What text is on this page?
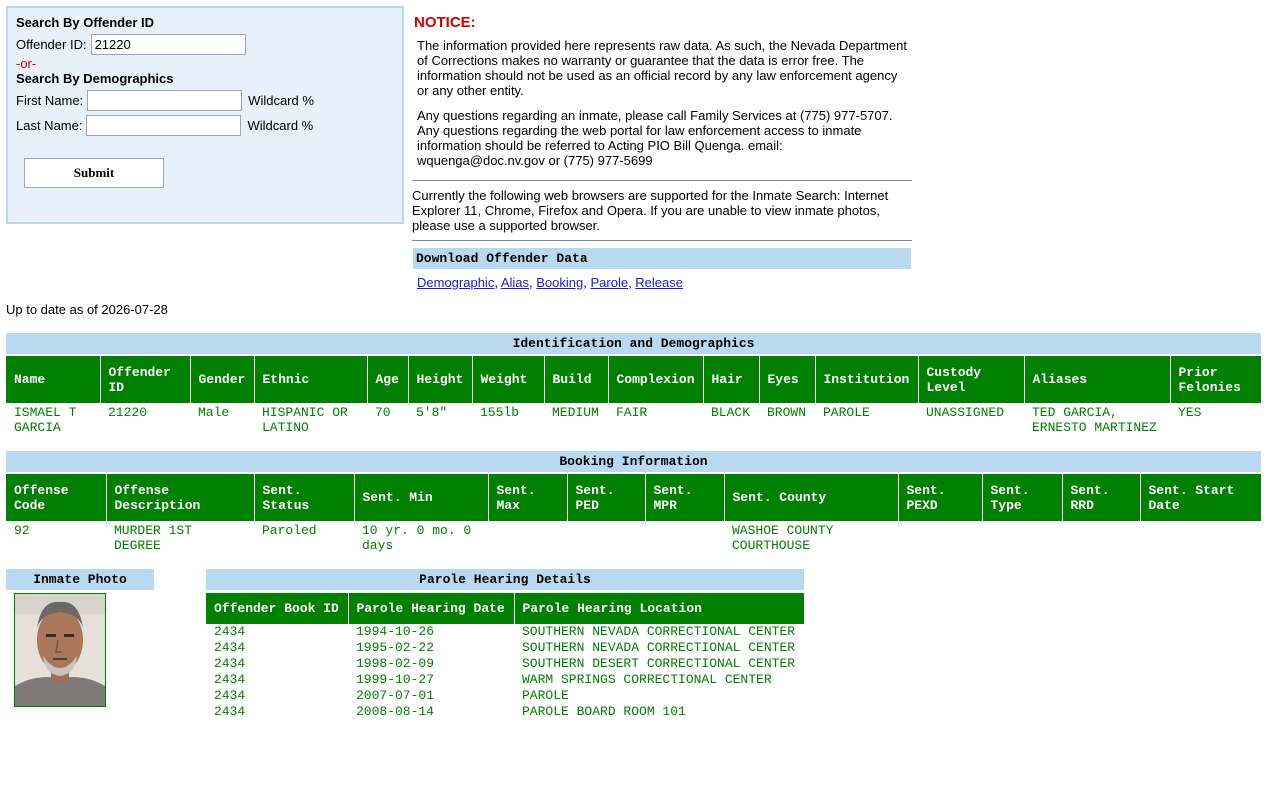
Search By Offender ID
Offender ID:
21220
-or-
Search By Demographics
First Name:	Wildcard %
Last Name:	Wildcard %
Submit
NOTICE:

The information provided here represents raw data. As such, the Nevada Department of Corrections makes no warranty or guarantee that the data is error free. The information should not be used as an official record by any law enforcement agency or any other entity.

Any questions regarding an inmate, please call Family Services at (775) 977-5707. Any questions regarding the web portal for law enforcement access to inmate information should be referred to Acting PIO Bill Quenga. email: wquenga@doc.nv.gov or (775) 977-5699

Currently the following web browsers are supported for the Inmate Search: Internet Explorer 11, Chrome, Firefox and Opera. If you are unable to view inmate photos, please use a supported browser.

Download Offender Data
Demographic, Alias, Booking, Parole, Release
Up to date as of 2026-07-28
Identification and Demographics
Name	Offender ID	Gender	Ethnic	Age	Height	Weight	Build	Complexion	Hair	Eyes	Institution	Custody Level	Aliases	Prior Felonies
ISMAEL T GARCIA	21220	Male	HISPANIC OR LATINO	70	5'8"	155lb	MEDIUM	FAIR	BLACK	BROWN	PAROLE	UNASSIGNED	TED GARCIA, ERNESTO MARTINEZ	YES
Booking Information
Offense Code	Offense Description	Sent. Status	Sent. Min	Sent. Max	Sent. PED	Sent. MPR	Sent. County	Sent. PEXD	Sent. Type	Sent. RRD	Sent. Start Date
92	MURDER 1ST DEGREE	Paroled	10 yr. 0 mo. 0 days				WASHOE COUNTY COURTHOUSE				
Inmate Photo	Parole Hearing Details
Offender Book ID	Parole Hearing Date	Parole Hearing Location
2434	1994-10-26	SOUTHERN NEVADA CORRECTIONAL CENTER
2434	1995-02-22	SOUTHERN NEVADA CORRECTIONAL CENTER
2434	1998-02-09	SOUTHERN DESERT CORRECTIONAL CENTER
2434	1999-10-27	WARM SPRINGS CORRECTIONAL CENTER
2434	2007-07-01	PAROLE
2434	2008-08-14	PAROLE BOARD ROOM 101
